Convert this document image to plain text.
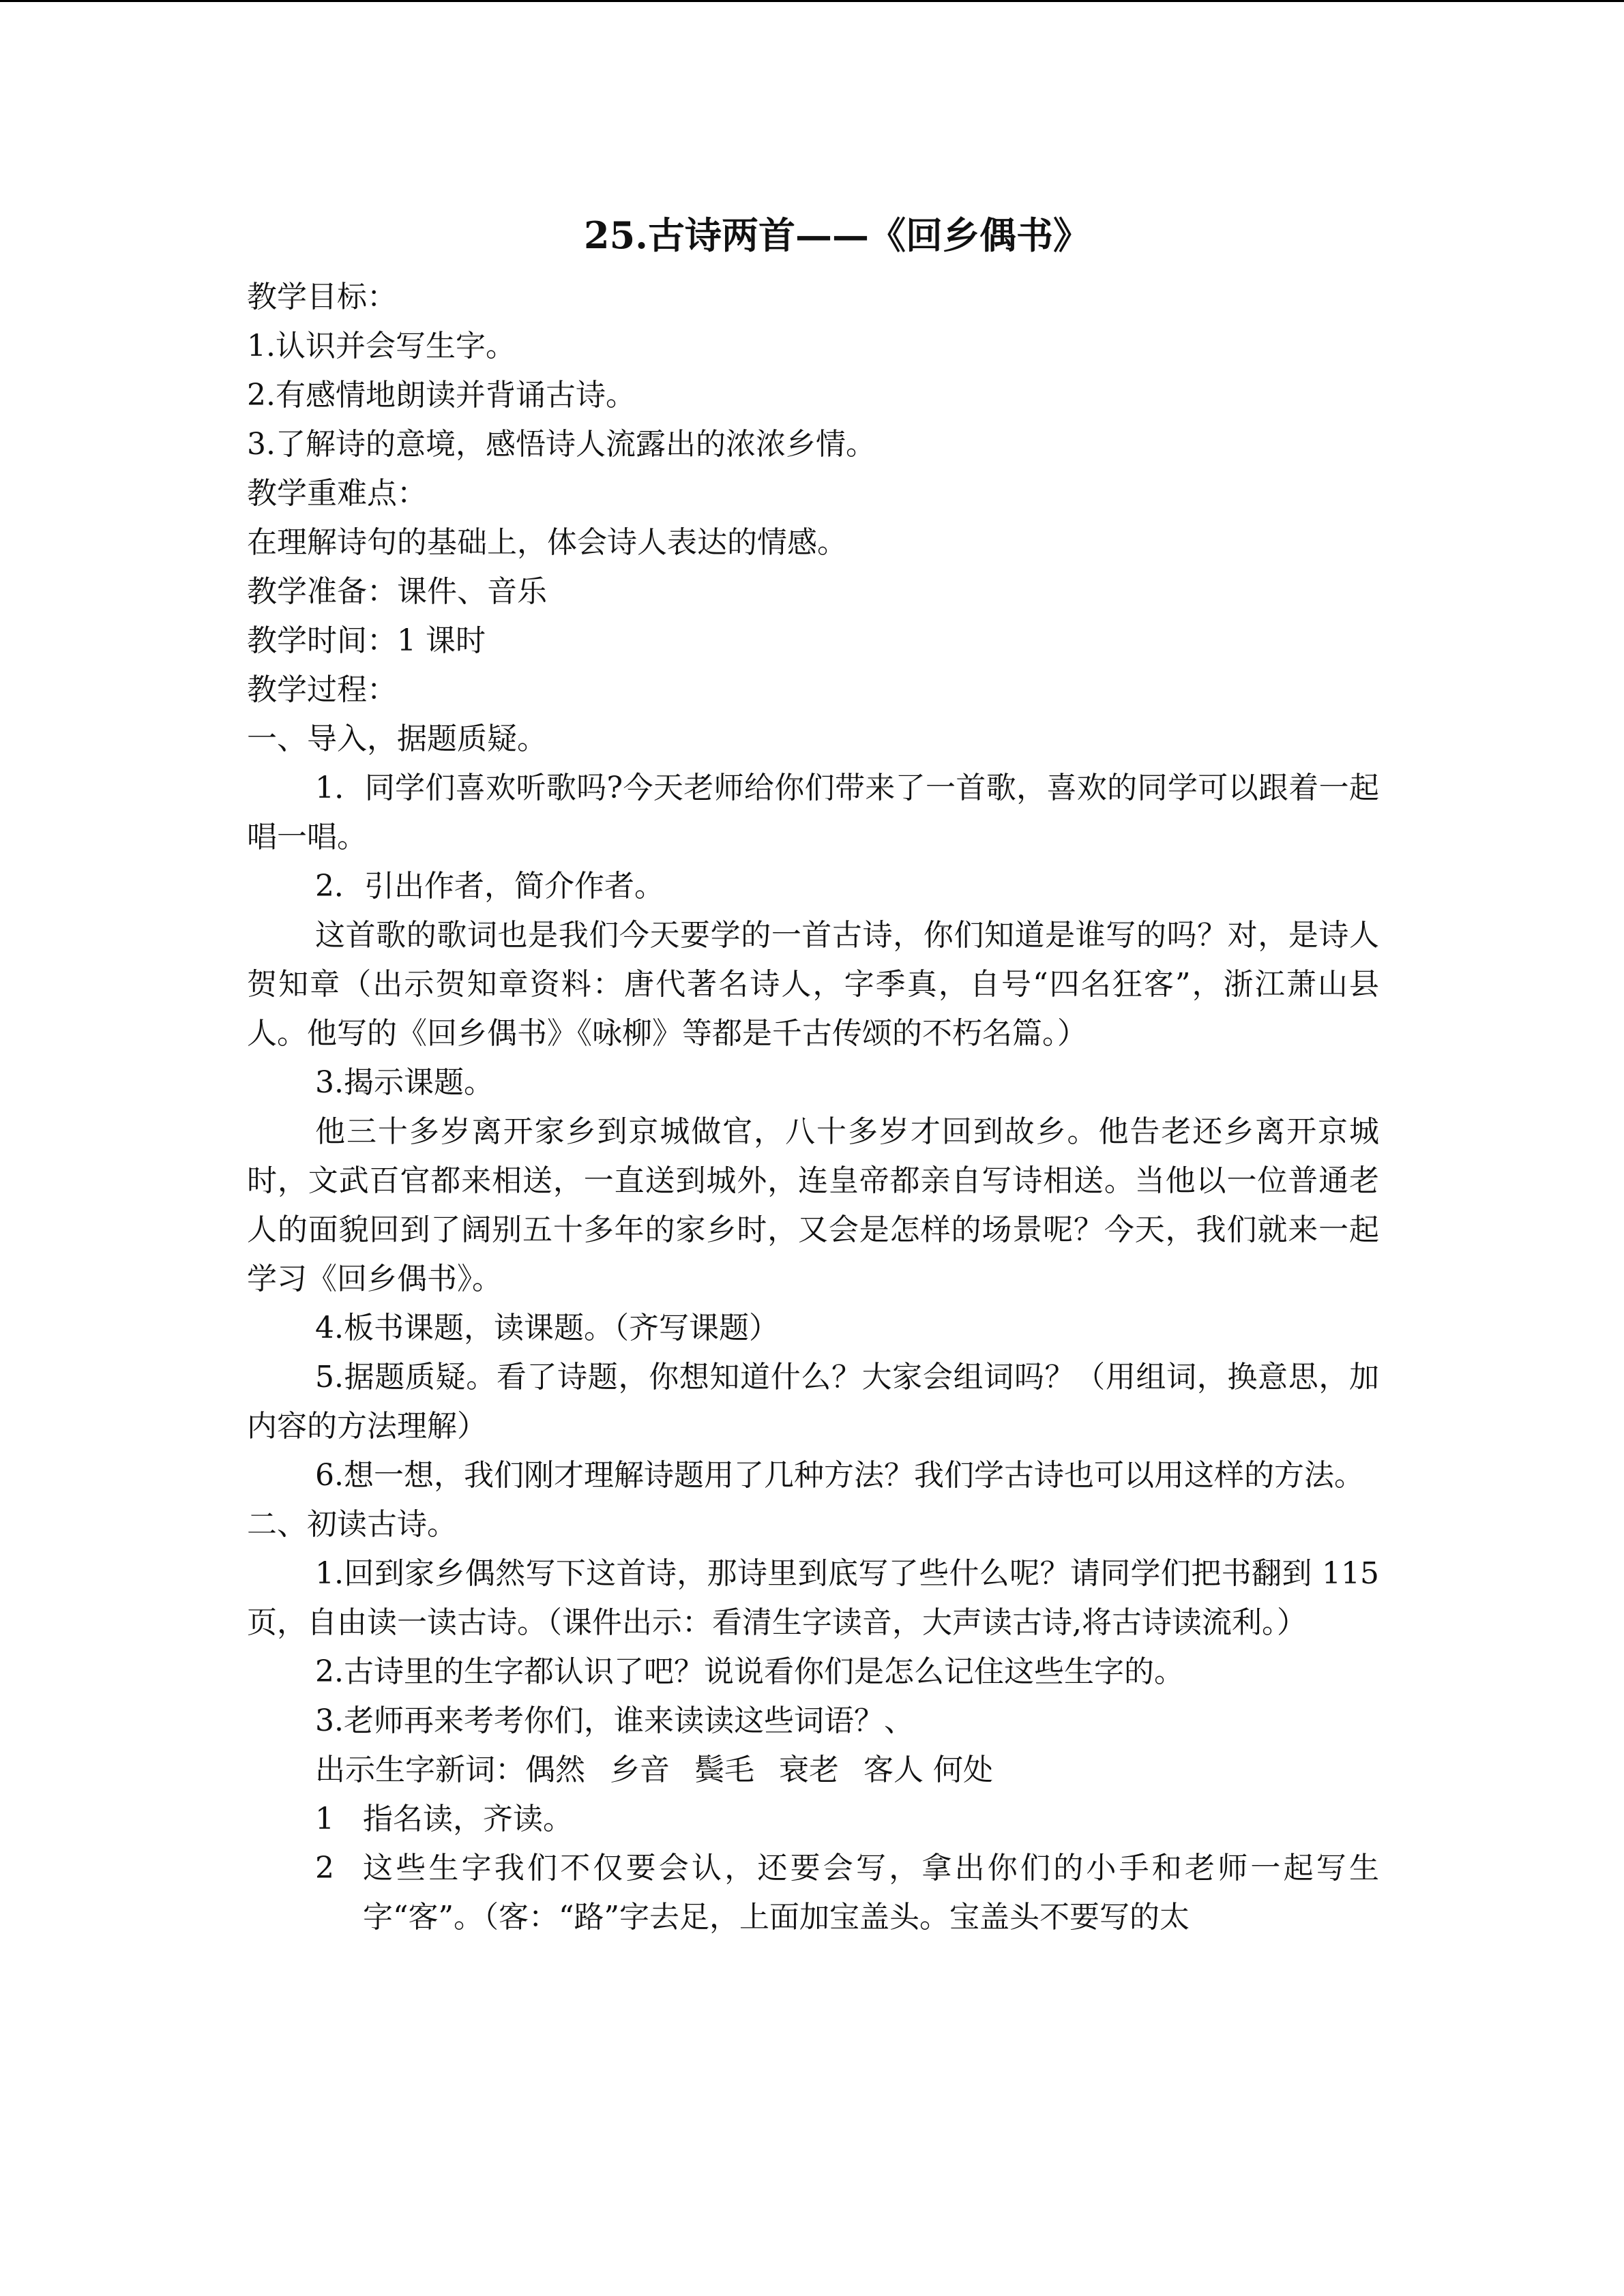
25.古诗两首——《回乡偶书》
教学目标：
1.认识并会写生字。
2.有感情地朗读并背诵古诗。
3.了解诗的意境，感悟诗人流露出的浓浓乡情。
教学重难点：
在理解诗句的基础上，体会诗人表达的情感。
教学准备：课件、音乐
教学时间：1 课时
教学过程：
一、导入，据题质疑。

1．同学们喜欢听歌吗?今天老师给你们带来了一首歌，喜欢的同学可以跟着一起唱一唱。

2．引出作者，简介作者。

这首歌的歌词也是我们今天要学的一首古诗，你们知道是谁写的吗？对，是诗人贺知章（出示贺知章资料：唐代著名诗人，字季真，自号“四名狂客”，浙江萧山县人。他写的《回乡偶书》《咏柳》等都是千古传颂的不朽名篇。）

3.揭示课题。

他三十多岁离开家乡到京城做官，八十多岁才回到故乡。他告老还乡离开京城时，文武百官都来相送，一直送到城外，连皇帝都亲自写诗相送。当他以一位普通老人的面貌回到了阔别五十多年的家乡时，又会是怎样的场景呢？今天，我们就来一起学习《回乡偶书》。

4.板书课题，读课题。（齐写课题）

5.据题质疑。看了诗题，你想知道什么？大家会组词吗？（用组词，换意思，加内容的方法理解）

6.想一想，我们刚才理解诗题用了几种方法？我们学古诗也可以用这样的方法。

二、初读古诗。

1.回到家乡偶然写下这首诗，那诗里到底写了些什么呢？请同学们把书翻到 115 页，自由读一读古诗。（课件出示：看清生字读音，大声读古诗,将古诗读流利。）

2.古诗里的生字都认识了吧？说说看你们是怎么记住这些生字的。

3.老师再来考考你们，谁来读读这些词语？、

出示生字新词：偶然 乡音 鬓毛 衰老 客人 何处
1 指名读，齐读。
2 这些生字我们不仅要会认，还要会写，拿出你们的小手和老师一起写生字“客”。（客：“路”字去足，上面加宝盖头。宝盖头不要写的太
